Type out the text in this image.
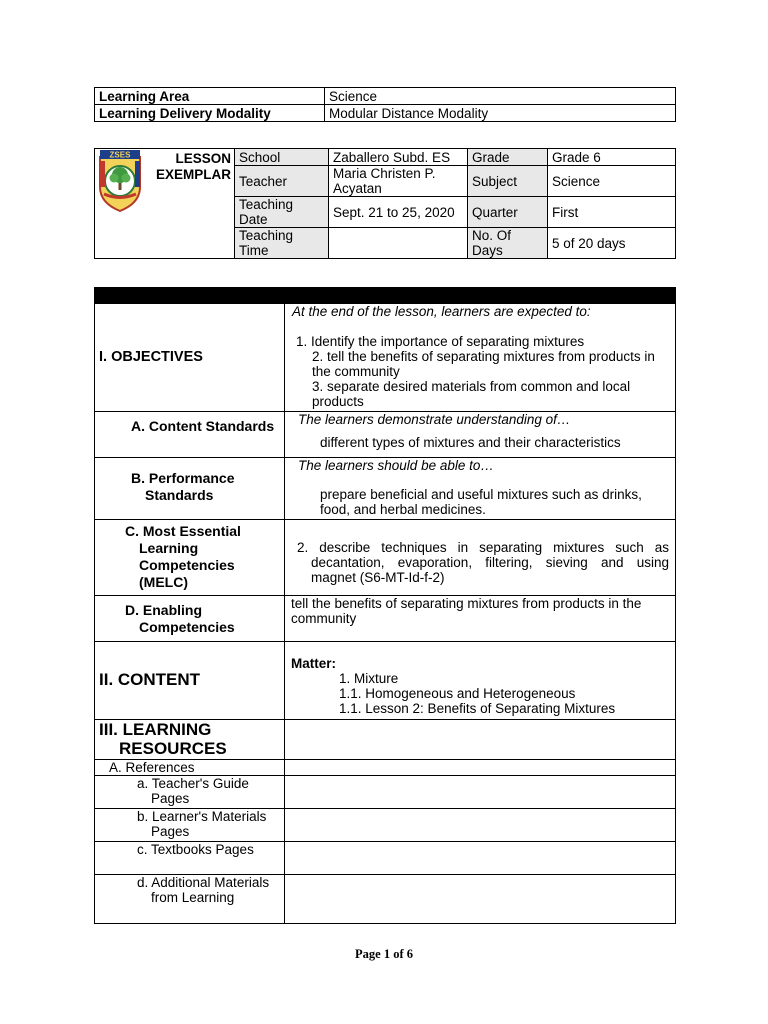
Learning Area	Science
Learning Delivery Modality	Modular Distance Modality
ZSES	LESSON EXEMPLAR	School	Zaballero Subd. ES	Grade	Grade 6
		Teacher	Maria Christen P. Acyatan	Subject	Science
		Teaching Date	Sept. 21 to 25, 2020	Quarter	First
		Teaching Time		No. Of Days	5 of 20 days

I. OBJECTIVES	At the end of the lesson, learners are expected to:
1. Identify the importance of separating mixtures
2. tell the benefits of separating mixtures from products in the community
3. separate desired materials from common and local products

A. Content Standards	The learners demonstrate understanding of…
different types of mixtures and their characteristics

B. Performance Standards	The learners should be able to…
prepare beneficial and useful mixtures such as drinks, food, and herbal medicines.

C. Most Essential Learning Competencies (MELC)	2. describe techniques in separating mixtures such as decantation, evaporation, filtering, sieving and using magnet (S6-MT-Id-f-2)

D. Enabling Competencies	tell the benefits of separating mixtures from products in the community

II. CONTENT	Matter:
1. Mixture
1.1. Homogeneous and Heterogeneous
1.1. Lesson 2: Benefits of Separating Mixtures

III. LEARNING RESOURCES	

A. References	

a. Teacher's Guide Pages	

b. Learner's Materials Pages	

c. Textbooks Pages	

d. Additional Materials from Learning	

Page 1 of 6
